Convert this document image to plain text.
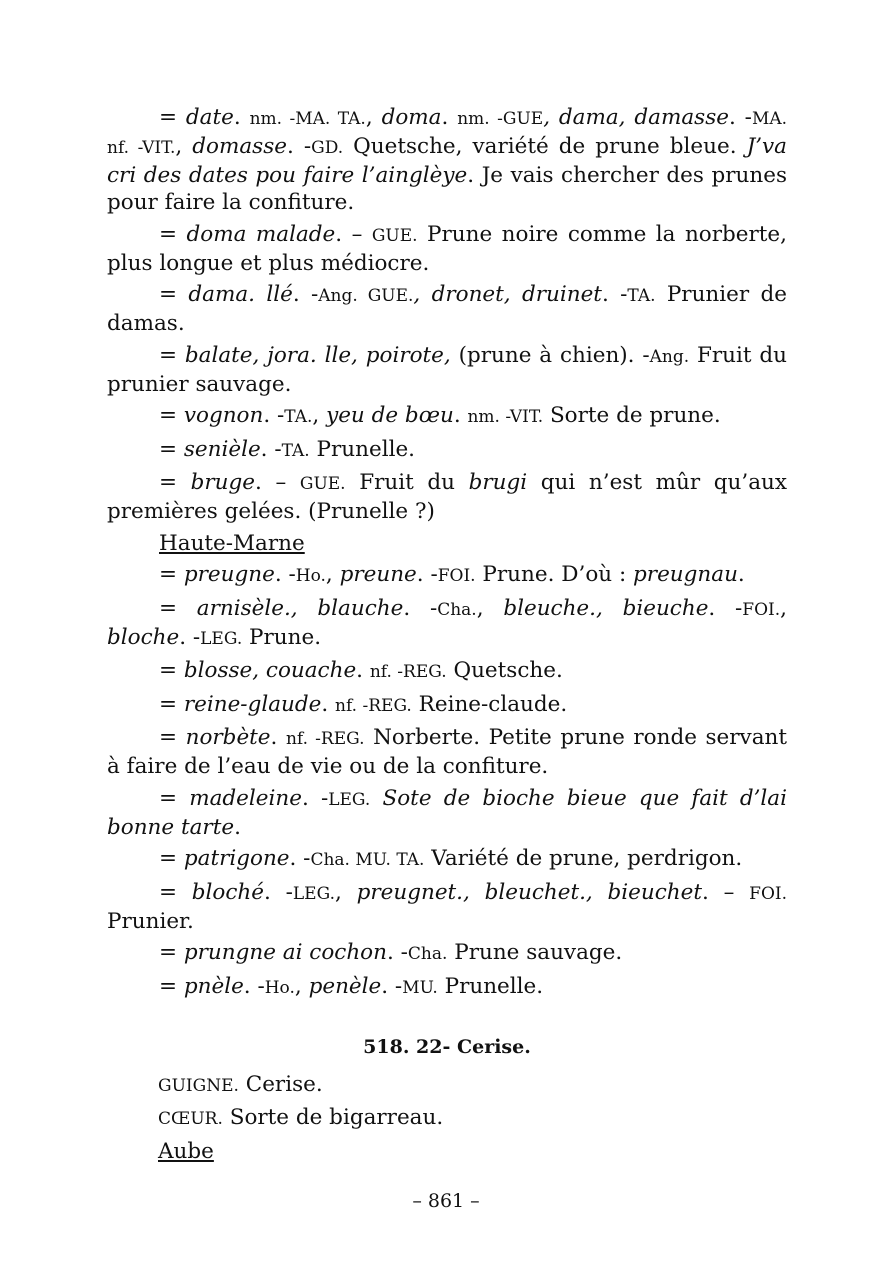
= date. nm. -MA. TA., doma. nm. -GUE, dama, damasse. -MA. nf. -VIT., domasse. -GD. Quetsche, variété de prune bleue. J’va cri des dates pou faire l’ainglèye. Je vais chercher des prunes pour faire la confiture.

= doma malade. – GUE. Prune noire comme la norberte, plus longue et plus médiocre.

= dama. llé. -Ang. GUE., dronet, druinet. -TA. Prunier de damas.

= balate, jora. lle, poirote, (prune à chien). -Ang. Fruit du prunier sauvage.

= vognon. -TA., yeu de bœu. nm. -VIT. Sorte de prune.

= senièle. -TA. Prunelle.

= bruge. – GUE. Fruit du brugi qui n’est mûr qu’aux premières gelées. (Prunelle ?)

Haute-Marne

= preugne. -Ho., preune. -FOI. Prune. D’où : preugnau.

= arnisèle., blauche. -Cha., bleuche., bieuche. -FOI., bloche. -LEG. Prune.

= blosse, couache. nf. -REG. Quetsche.

= reine-glaude. nf. -REG. Reine-claude.

= norbète. nf. -REG. Norberte. Petite prune ronde servant à faire de l’eau de vie ou de la confiture.

= madeleine. -LEG. Sote de bioche bieue que fait d’lai bonne tarte.

= patrigone. -Cha. MU. TA. Variété de prune, perdrigon.

= bloché. -LEG., preugnet., bleuchet., bieuchet. – FOI. Prunier.

= prungne ai cochon. -Cha. Prune sauvage.

= pnèle. -Ho., penèle. -MU. Prunelle.

518. 22- Cerise.

GUIGNE. Cerise.

CŒUR. Sorte de bigarreau.

Aube

– 861 –
